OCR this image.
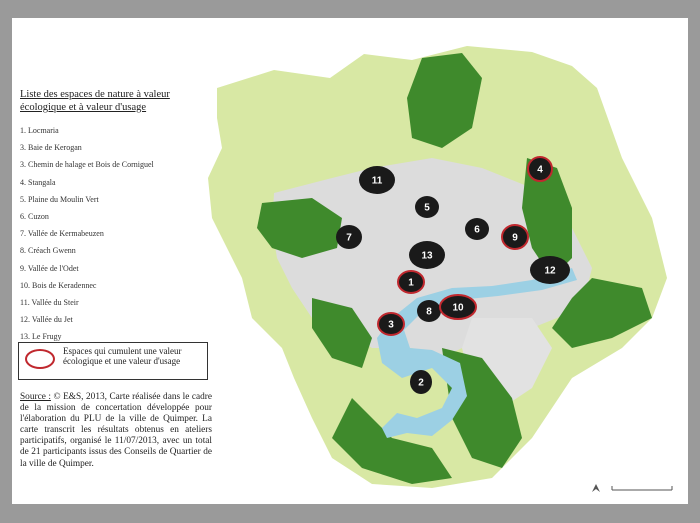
1
2
3
4
5
6
7
8
9
10
11
12
13
Liste des espaces de nature à valeur écologique et à valeur d'usage
1. Locmaria
3. Baie de Kerogan
3. Chemin de halage et Bois de Corniguel
4. Stangala
5. Plaine du Moulin Vert
6. Cuzon
7. Vallée de Kermabeuzen
8. Créach Gwenn
9. Vallée de l'Odet
10. Bois de Keradennec
11. Vallée du Steir
12. Vallée du Jet
13. Le Frugy
Espaces qui cumulent une valeur écologique et une valeur d'usage
Source : © E&S, 2013, Carte réalisée dans le cadre de la mission de concertation développée pour l'élaboration du PLU de la ville de Quimper. La carte transcrit les résultats obtenus en ateliers participatifs, organisé le 11/07/2013, avec un total de 21 participants issus des Conseils de Quartier de la ville de Quimper.
